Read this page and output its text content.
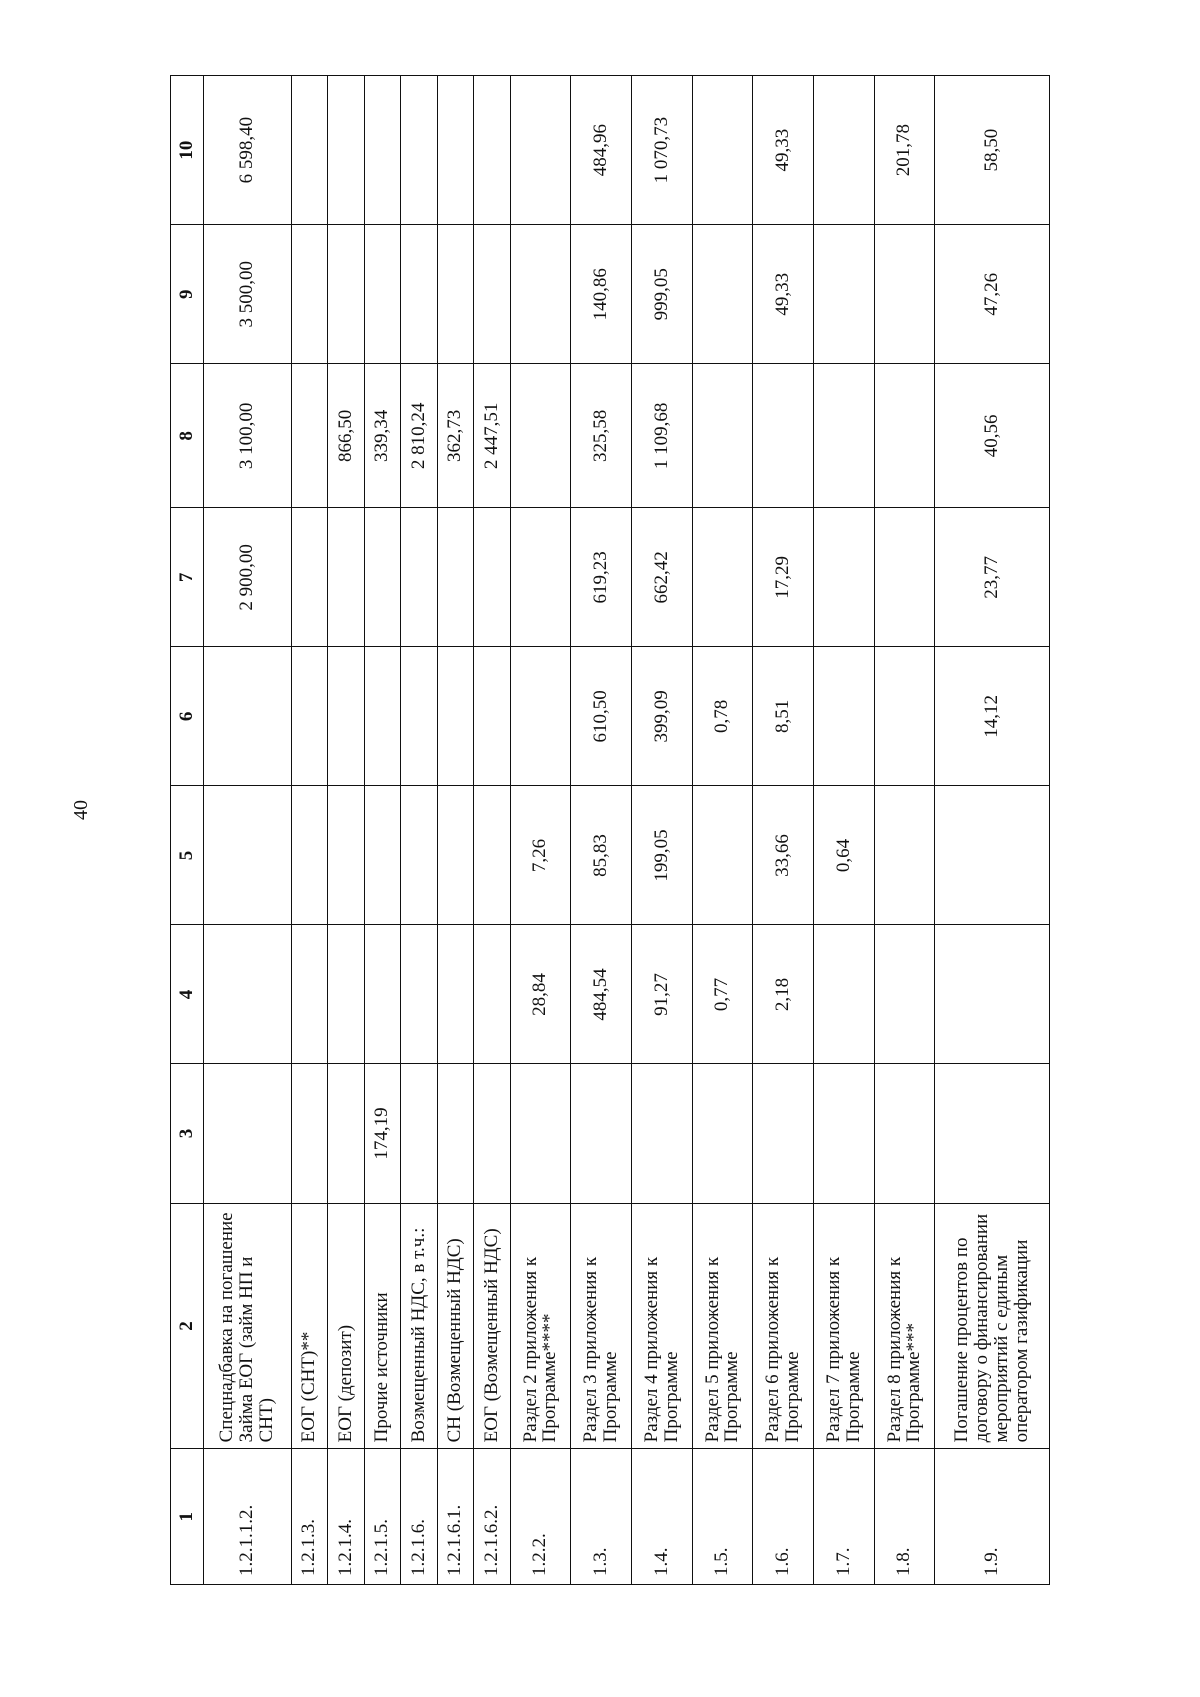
40
1	2	3	4	5	6	7	8	9	10
1.2.1.1.2.	Спецнадбавка на погашение Займа ЕОГ (займ НП и СНТ)					2 900,00	3 100,00	3 500,00	6 598,40
1.2.1.3.	ЕОГ (СНТ)**								
1.2.1.4.	ЕОГ (депозит)						866,50		
1.2.1.5.	Прочие источники	174,19					339,34		
1.2.1.6.	Возмещенный НДС, в т.ч.:						2 810,24		
1.2.1.6.1.	СН (Возмещенный НДС)						362,73		
1.2.1.6.2.	ЕОГ (Возмещенный НДС)						2 447,51		
1.2.2.	Раздел 2 приложения к Программе****		28,84	7,26					
1.3.	Раздел 3 приложения к Программе		484,54	85,83	610,50	619,23	325,58	140,86	484,96
1.4.	Раздел 4 приложения к Программе		91,27	199,05	399,09	662,42	1 109,68	999,05	1 070,73
1.5.	Раздел 5 приложения к Программе		0,77		0,78				
1.6.	Раздел 6 приложения к Программе		2,18	33,66	8,51	17,29		49,33	49,33
1.7.	Раздел 7 приложения к Программе			0,64					
1.8.	Раздел 8 приложения к Программе***								201,78
1.9.	Погашение процентов по договору о финансировании мероприятий с единым оператором газификации				14,12	23,77	40,56	47,26	58,50
